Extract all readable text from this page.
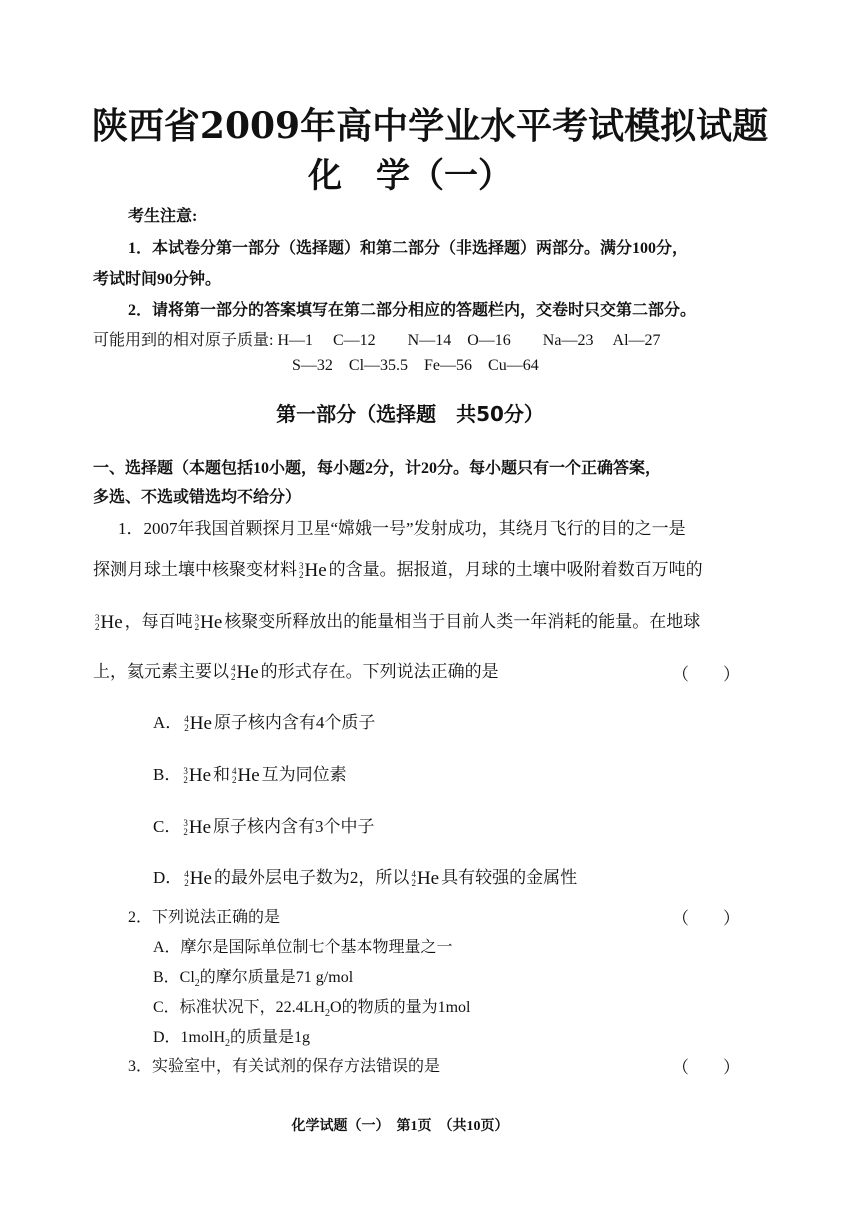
陕西省2009年高中学业水平考试模拟试题
化　学（一）
考生注意:
1．本试卷分第一部分（选择题）和第二部分（非选择题）两部分。满分100分，
考试时间90分钟。
2．请将第一部分的答案填写在第二部分相应的答题栏内，交卷时只交第二部分。
可能用到的相对原子质量: H—1　 C—12　　N—14　O—16　　Na—23　 Al—27
S—32　Cl—35.5　Fe—56　Cu—64
第一部分（选择题　共50分）
一、选择题（本题包括10小题，每小题2分，计20分。每小题只有一个正确答案，
多选、不选或错选均不给分）
1．2007年我国首颗探月卫星“嫦娥一号”发射成功，其绕月飞行的目的之一是
探测月球土壤中核聚变材料 3
2 He 的含量。据报道，月球的土壤中吸附着数百万吨的
3
2 He ，每百吨 3
2 He 核聚变所释放出的能量相当于目前人类一年消耗的能量。在地球
上，氦元素主要以 4
2 He 的形式存在。下列说法正确的是	（　　）
A． 4
2 He 原子核内含有4个质子
B． 3
2 He 和 4
2 He 互为同位素
C． 3
2 He 原子核内含有3个中子
D． 4
2 He 的最外层电子数为2，所以 4
2 He 具有较强的金属性
2．下列说法正确的是	（　　）
A．摩尔是国际单位制七个基本物理量之一
B．$Cl_2$的摩尔质量是71 g/mol
C．标准状况下，$22.4LH_2O$的物质的量为1mol
D．1molH$_2$的质量是1g
3．实验室中，有关试剂的保存方法错误的是	（　　）
化学试题（一）　第1页　（共10页）
